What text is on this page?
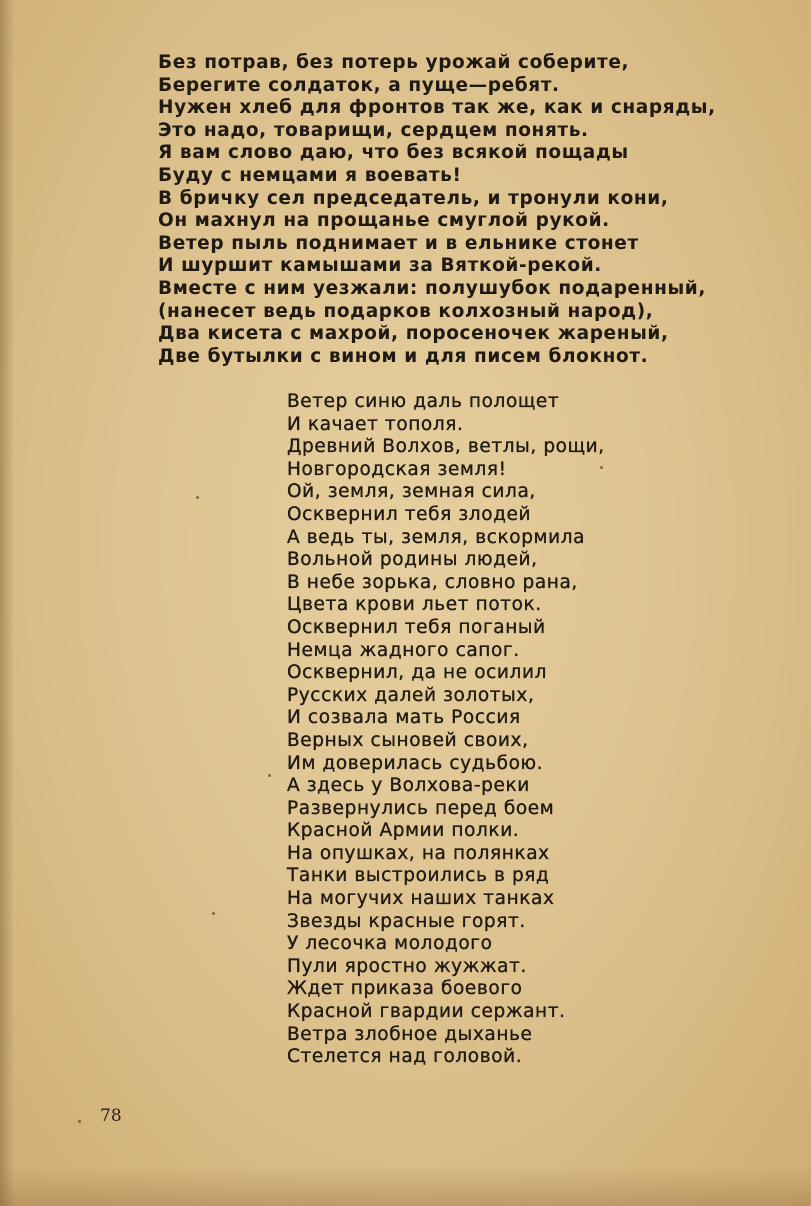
Без потрав, без потерь урожай соберите,
Берегите солдаток, а пуще—ребят.
Нужен хлеб для фронтов так же, как и снаряды,
Это надо, товарищи, сердцем понять.
Я вам слово даю, что без всякой пощады
Буду с немцами я воевать!
В бричку сел председатель, и тронули кони,
Он махнул на прощанье смуглой рукой.
Ветер пыль поднимает и в ельнике стонет
И шуршит камышами за Вяткой-рекой.
Вместе с ним уезжали: полушубок подаренный,
(нанесет ведь подарков колхозный народ),
Два кисета с махрой, поросеночек жареный,
Две бутылки с вином и для писем блокнот.
Ветер синю даль полощет
И качает тополя.
Древний Волхов, ветлы, рощи,
Новгородская земля!
Ой, земля, земная сила,
Осквернил тебя злодей
А ведь ты, земля, вскормила
Вольной родины людей,
В небе зорька, словно рана,
Цвета крови льет поток.
Осквернил тебя поганый
Немца жадного сапог.
Осквернил, да не осилил
Русских далей золотых,
И созвала мать Россия
Верных сыновей своих,
Им доверилась судьбою.
А здесь у Волхова-реки
Развернулись перед боем
Красной Армии полки.
На опушках, на полянках
Танки выстроились в ряд
На могучих наших танках
Звезды красные горят.
У лесочка молодого
Пули яростно жужжат.
Ждет приказа боевого
Красной гвардии сержант.
Ветра злобное дыханье
Стелется над головой.
78
